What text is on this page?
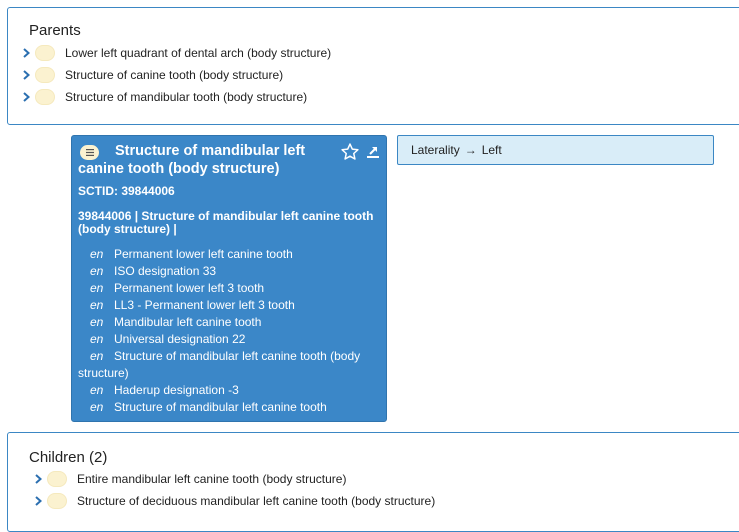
Parents
Lower left quadrant of dental arch (body structure)
Structure of canine tooth (body structure)
Structure of mandibular tooth (body structure)
Structure of mandibular left canine tooth (body structure)
SCTID: 39844006
39844006 | Structure of mandibular left canine tooth (body structure) |
en Permanent lower left canine tooth
en ISO designation 33
en Permanent lower left 3 tooth
en LL3 - Permanent lower left 3 tooth
en Mandibular left canine tooth
en Universal designation 22
en Structure of mandibular left canine tooth (body structure)
en Haderup designation -3
en Structure of mandibular left canine tooth
Laterality → Left
Children (2)
Entire mandibular left canine tooth (body structure)
Structure of deciduous mandibular left canine tooth (body structure)
